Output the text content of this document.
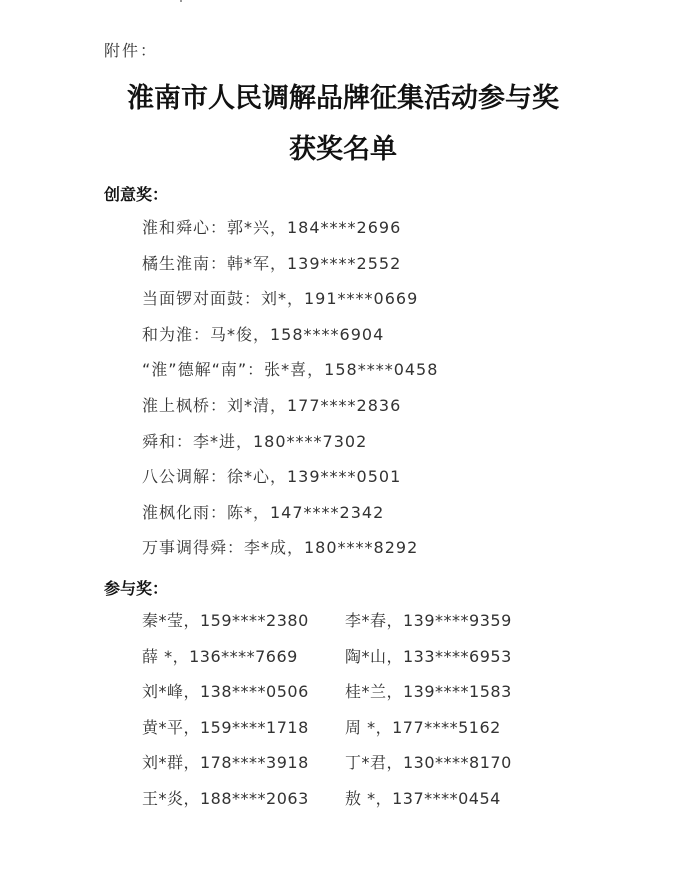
附件：
淮南市人民调解品牌征集活动参与奖
获奖名单
创意奖：
淮和舜心：郭*兴，184****2696
橘生淮南：韩*军，139****2552
当面锣对面鼓：刘*，191****0669
和为淮：马*俊，158****6904
“淮”德解“南”：张*喜，158****0458
淮上枫桥：刘*清，177****2836
舜和：李*进，180****7302
八公调解：徐*心，139****0501
淮枫化雨：陈*，147****2342
万事调得舜：李*成，180****8292
参与奖：
秦*莹，159****2380 李*春，139****9359
薛 *，136****7669	陶*山，133****6953
刘*峰，138****0506 桂*兰，139****1583
黄*平，159****1718 周 *，177****5162
刘*群，178****3918 丁*君，130****8170
王*炎，188****2063 敖 *，137****0454
